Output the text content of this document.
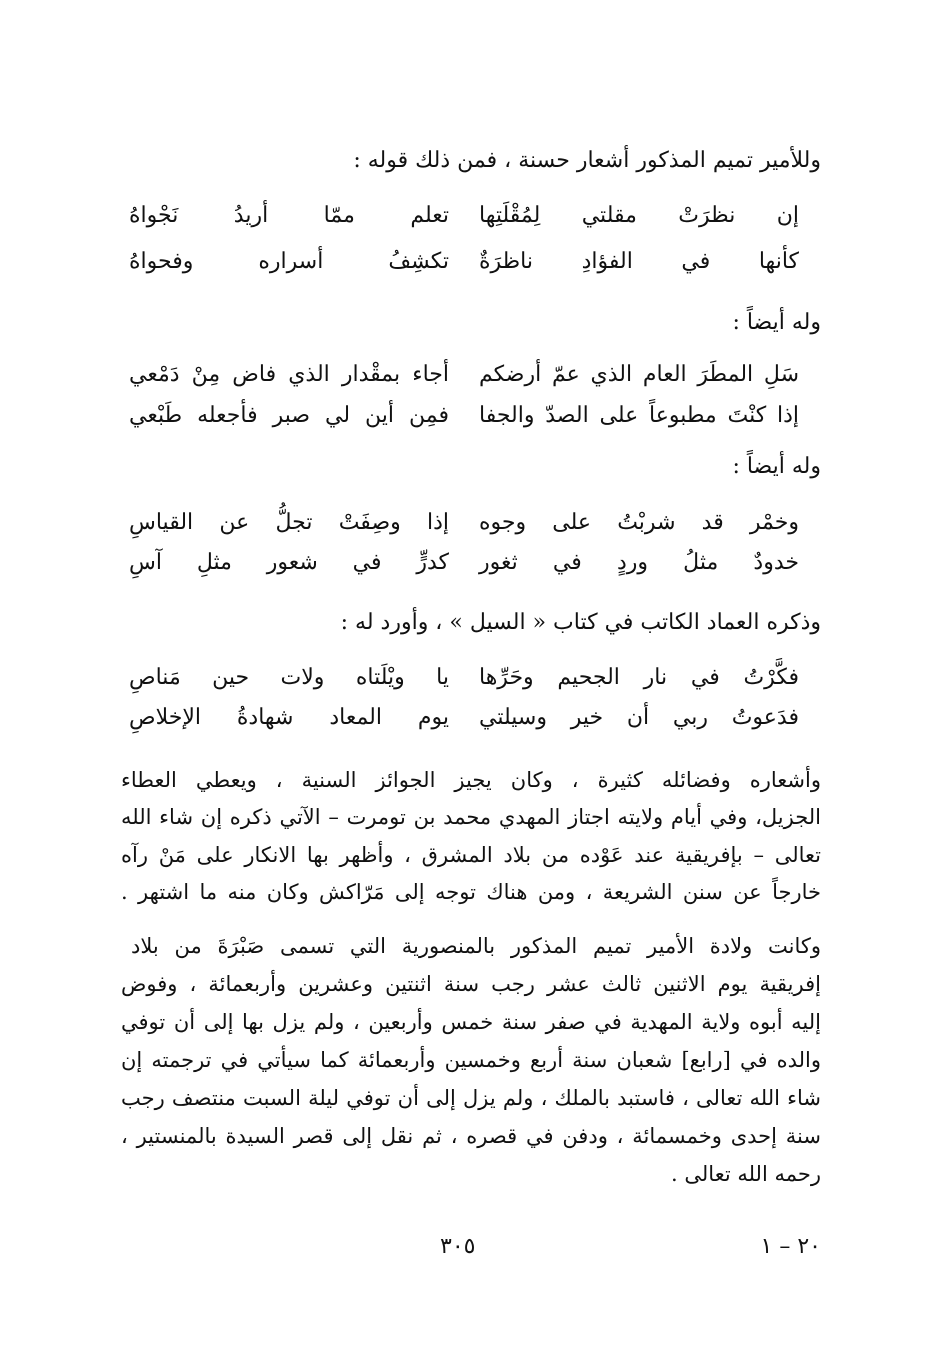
وللأمير تميم المذكور أشعار حسنة ، فمن ذلك قوله :
إن نظرَتْ مقلتي لِمُقْلَتِها
تعلم ممّا أريدُ نَجْواهُ
كأنها في الفؤادِ ناظرَةٌ
تكشِفُ أسراره وفحواهُ
وله أيضاً :
سَلِ المطَرَ العام الذي عمّ أرضكم
أجاء بمقْدار الذي فاض مِنْ دَمْعي
إذا كنْتَ مطبوعاً على الصدّ والجفا
فمِن أين لي صبر فأجعله طَبْعي
وله أيضاً :
وخمْر قد شربْتُ على وجوه
إذا وصِفَتْ تجلُّ عن القياسِ
خدودٌ مثلُ وردٍ في ثغور
كدرٍّ في شعور مثلِ آسِ
وذكره العماد الكاتب في كتاب « السيل » ، وأورد له :
فكَّرْتُ في نار الجحيم وحَرِّها
يا ويْلَتاه ولات حين مَناصِ
فدَعوتُ ربي أن خير وسيلتي
يوم المعاد شهادةُ الإخلاصِ
وأشعاره وفضائله كثيرة ، وكان يجيز الجوائز السنية ، ويعطي العطاء
الجزيل، وفي أيام ولايته اجتاز المهدي محمد بن تومرت – الآتي ذكره إن شاء الله
تعالى – بإفريقية عند عَوْده من بلاد المشرق ، وأظهر بها الانكار على مَنْ رآه
خارجاً عن سنن الشريعة ، ومن هناك توجه إلى مَرّاكش وكان منه ما اشتهر .
وكانت ولادة الأمير تميم المذكور بالمنصورية التي تسمى صَبْرَةَ من بلاد
إفريقية يوم الاثنين ثالث عشر رجب سنة اثنتين وعشرين وأربعمائة ، وفوض
إليه أبوه ولاية المهدية في صفر سنة خمس وأربعين ، ولم يزل بها إلى أن توفي
والده في [رابع] شعبان سنة أربع وخمسين وأربعمائة كما سيأتي في ترجمته إن
شاء الله تعالى ، فاستبد بالملك ، ولم يزل إلى أن توفي ليلة السبت منتصف رجب
سنة إحدى وخمسمائة ، ودفن في قصره ، ثم نقل إلى قصر السيدة بالمنستير ،
رحمه الله تعالى .
٣٠٥	٢٠ – ١
